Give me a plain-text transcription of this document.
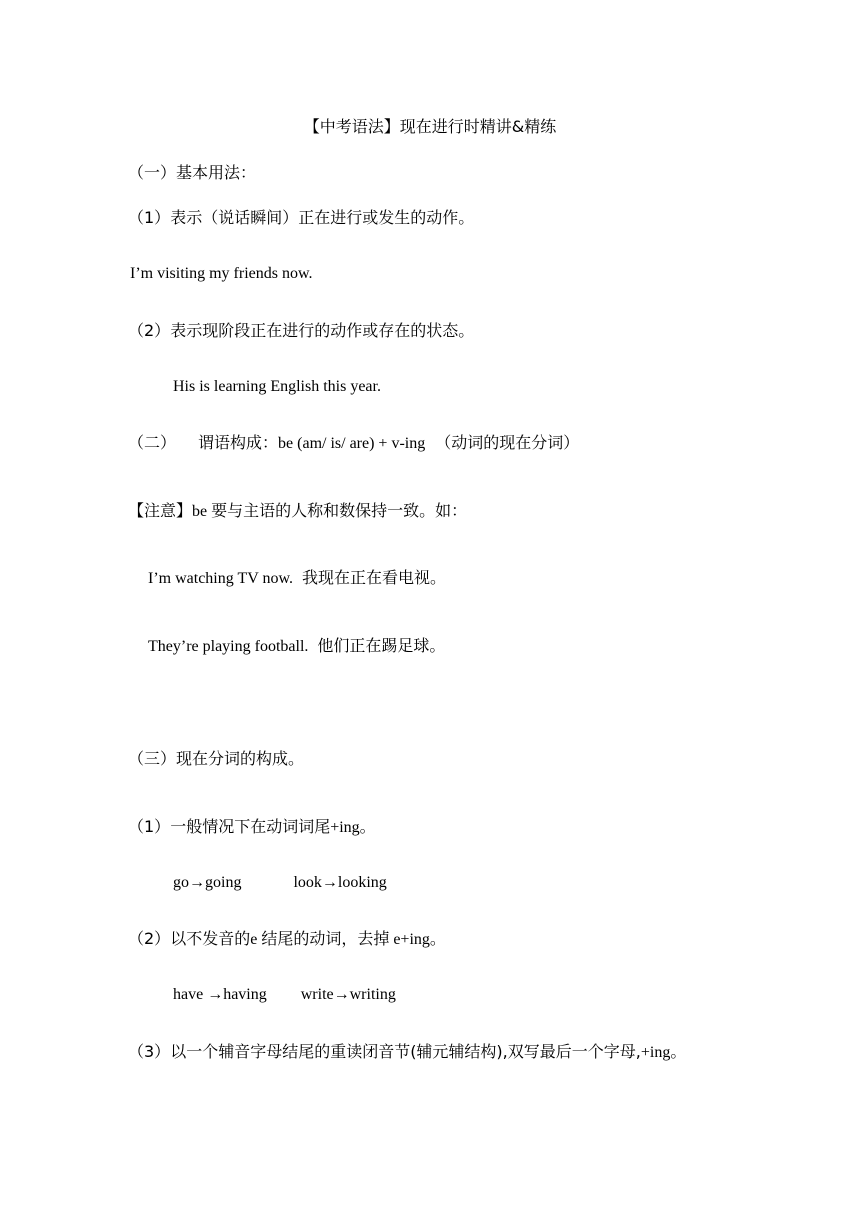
【中考语法】现在进行时精讲&精练
（一）基本用法：
（1）表示（说话瞬间）正在进行或发生的动作。
I’m visiting my friends now.
（2）表示现阶段正在进行的动作或存在的状态。
His is learning English this year.
（二） 谓语构成：be (am/ is/ are) + v-ing （动词的现在分词）
【注意】be 要与主语的人称和数保持一致。如：
I’m watching TV now. 我现在正在看电视。
They’re playing football. 他们正在踢足球。
（三）现在分词的构成。
（1）一般情况下在动词词尾+ing。
go→going	look→looking
（2）以不发音的e 结尾的动词，去掉 e+ing。
have →having write→writing
（3）以一个辅音字母结尾的重读闭音节(辅元辅结构),双写最后一个字母,+ing。
